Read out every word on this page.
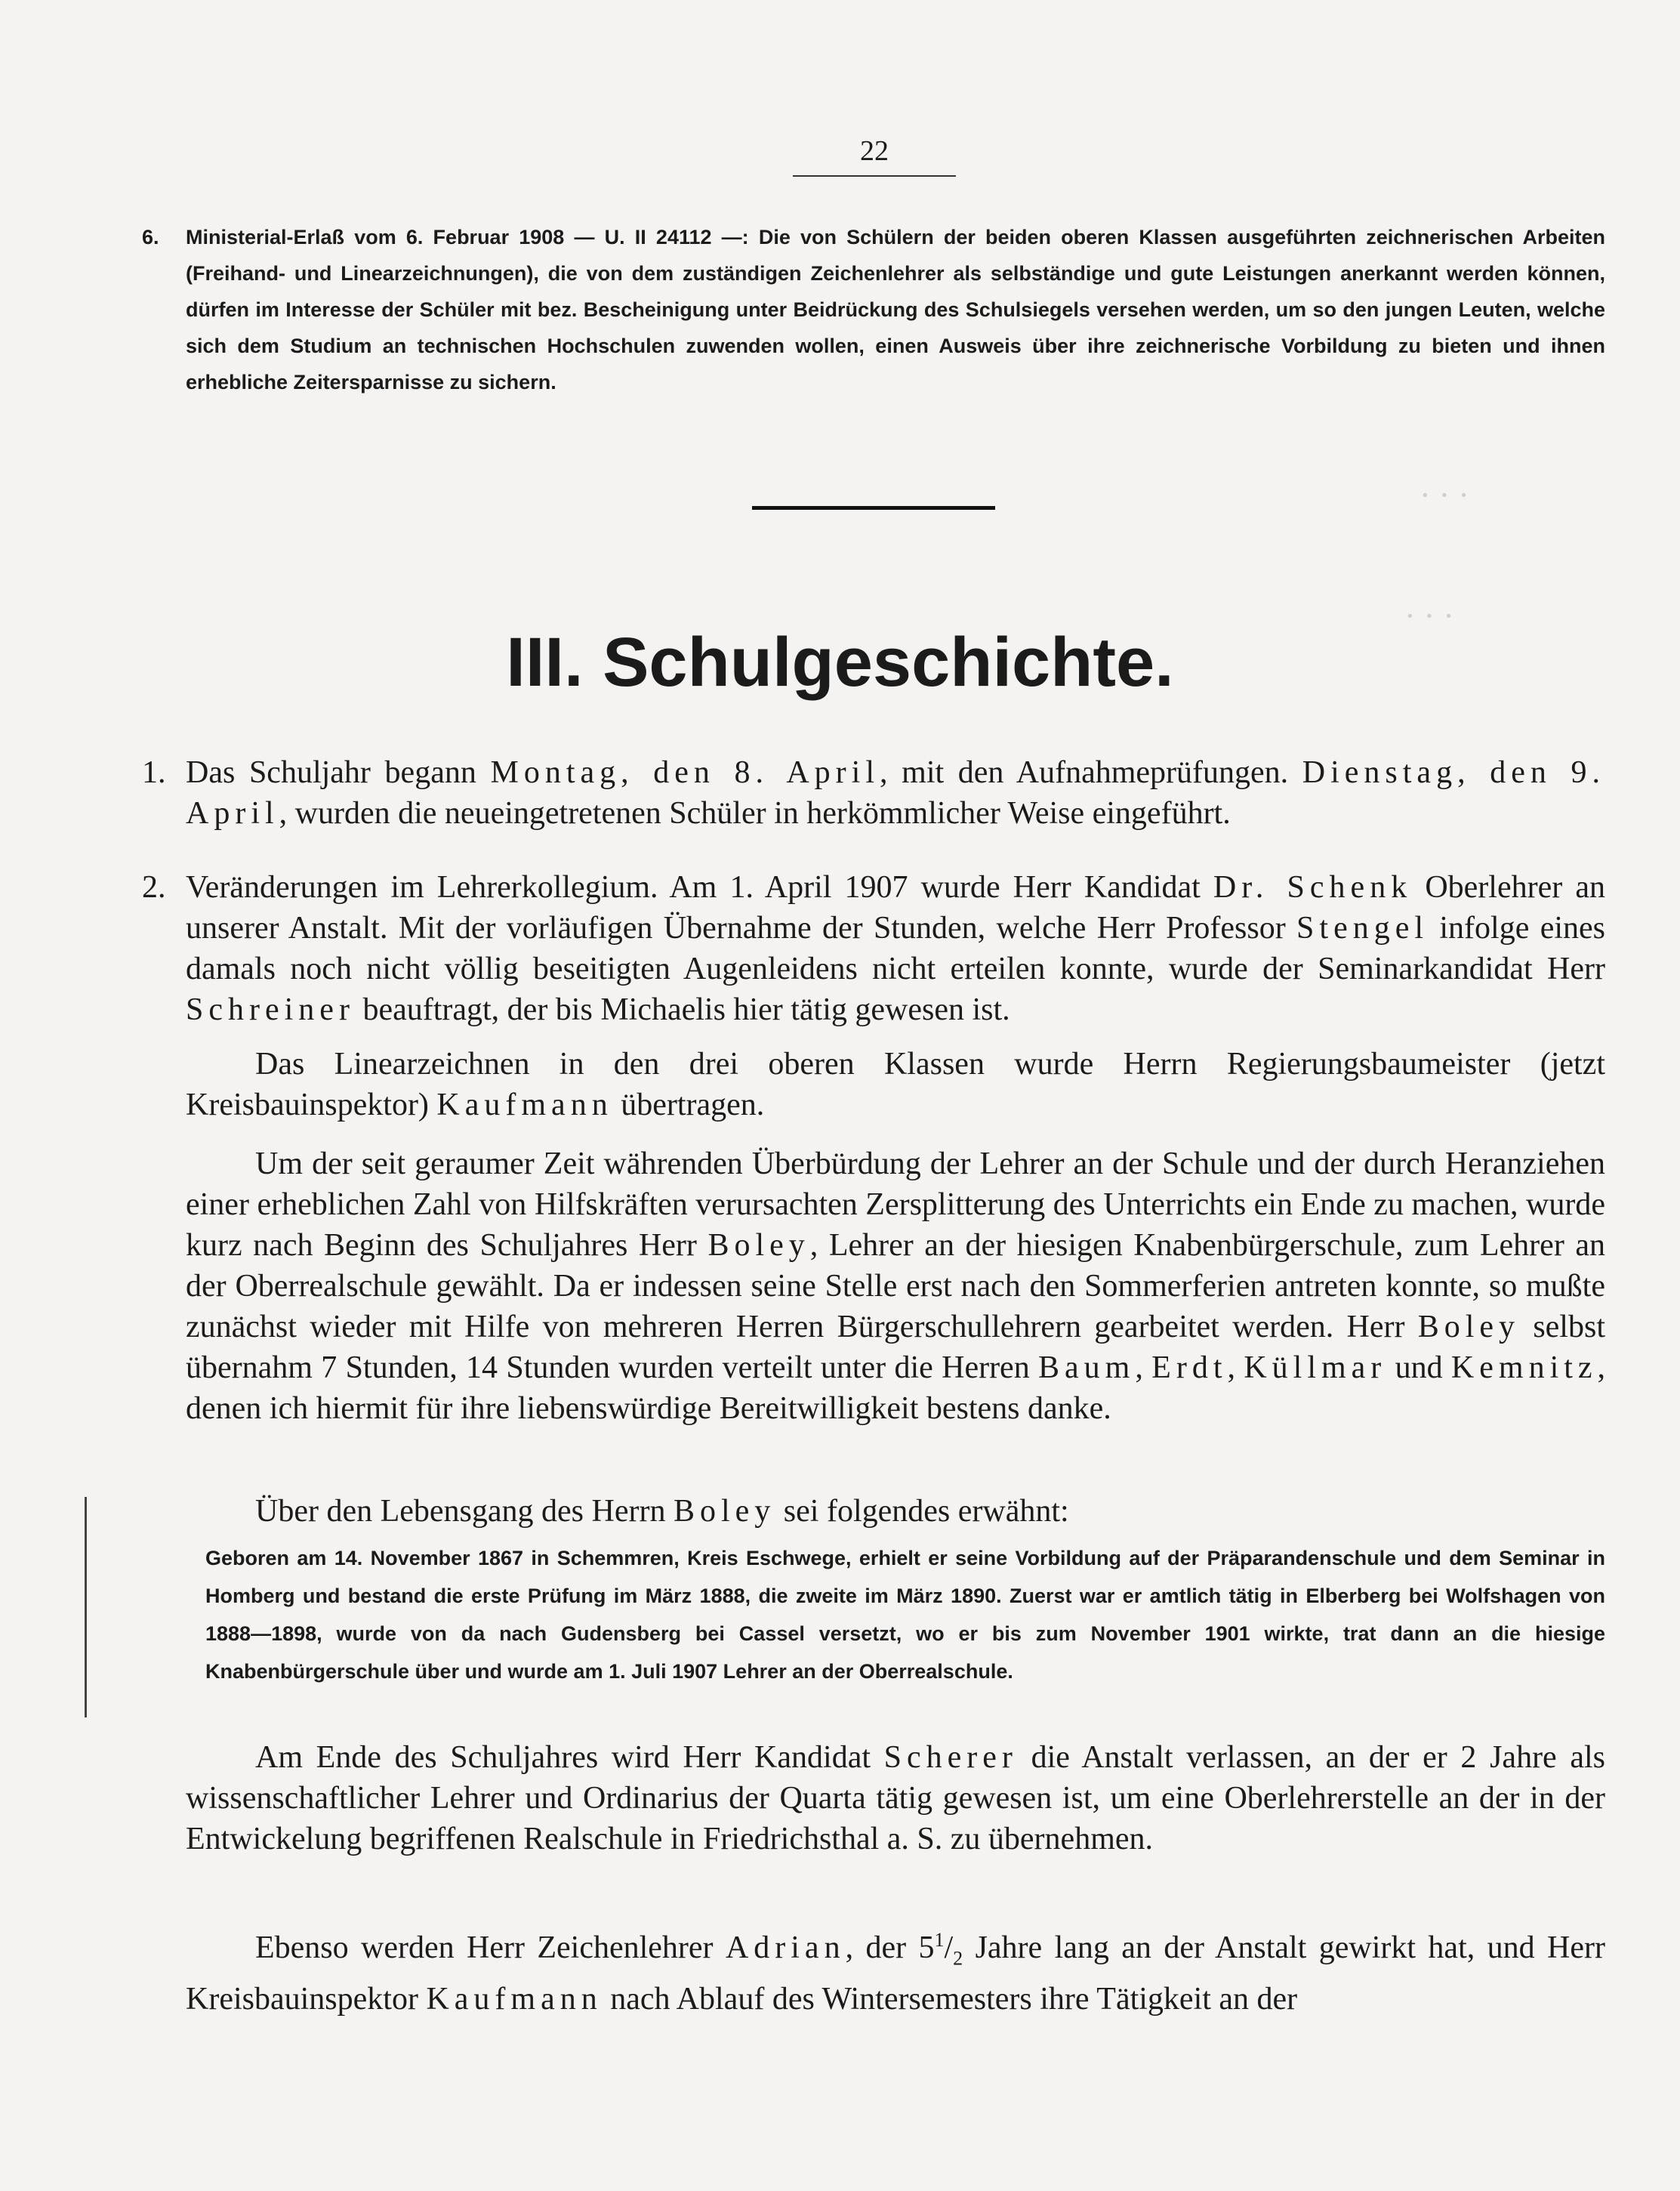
· · ·
· · ·
22
6. Ministerial-Erlaß vom 6. Februar 1908 — U. II 24112 —: Die von Schülern der beiden oberen Klassen ausgeführten zeichnerischen Arbeiten (Freihand- und Linearzeichnungen), die von dem zuständigen Zeichenlehrer als selbständige und gute Leistungen anerkannt werden können, dürfen im Interesse der Schüler mit bez. Bescheinigung unter Beidrückung des Schulsiegels versehen werden, um so den jungen Leuten, welche sich dem Studium an technischen Hochschulen zuwenden wollen, einen Ausweis über ihre zeichnerische Vorbildung zu bieten und ihnen erhebliche Zeitersparnisse zu sichern.
III. Schulgeschichte.
1. Das Schuljahr begann Montag, den 8. April, mit den Aufnahmeprüfungen. Dienstag, den 9. April, wurden die neueingetretenen Schüler in herkömmlicher Weise eingeführt.
2. Veränderungen im Lehrerkollegium. Am 1. April 1907 wurde Herr Kandidat Dr. Schenk Oberlehrer an unserer Anstalt. Mit der vorläufigen Übernahme der Stunden, welche Herr Professor Stengel infolge eines damals noch nicht völlig beseitigten Augenleidens nicht erteilen konnte, wurde der Seminarkandidat Herr Schreiner beauftragt, der bis Michaelis hier tätig gewesen ist.
Das Linearzeichnen in den drei oberen Klassen wurde Herrn Regierungsbaumeister (jetzt Kreisbauinspektor) Kaufmann übertragen.
Um der seit geraumer Zeit währenden Überbürdung der Lehrer an der Schule und der durch Heranziehen einer erheblichen Zahl von Hilfskräften verursachten Zersplitterung des Unterrichts ein Ende zu machen, wurde kurz nach Beginn des Schuljahres Herr Boley, Lehrer an der hiesigen Knabenbürgerschule, zum Lehrer an der Oberrealschule gewählt. Da er indessen seine Stelle erst nach den Sommerferien antreten konnte, so mußte zunächst wieder mit Hilfe von mehreren Herren Bürgerschullehrern gearbeitet werden. Herr Boley selbst übernahm 7 Stunden, 14 Stunden wurden verteilt unter die Herren Baum, Erdt, Küllmar und Kemnitz, denen ich hiermit für ihre liebenswürdige Bereitwilligkeit bestens danke.
Über den Lebensgang des Herrn Boley sei folgendes erwähnt:
Geboren am 14. November 1867 in Schemmren, Kreis Eschwege, erhielt er seine Vorbildung auf der Präparandenschule und dem Seminar in Homberg und bestand die erste Prüfung im März 1888, die zweite im März 1890. Zuerst war er amtlich tätig in Elberberg bei Wolfshagen von 1888—1898, wurde von da nach Gudensberg bei Cassel versetzt, wo er bis zum November 1901 wirkte, trat dann an die hiesige Knabenbürgerschule über und wurde am 1. Juli 1907 Lehrer an der Oberrealschule.
Am Ende des Schuljahres wird Herr Kandidat Scherer die Anstalt verlassen, an der er 2 Jahre als wissenschaftlicher Lehrer und Ordinarius der Quarta tätig gewesen ist, um eine Oberlehrerstelle an der in der Entwickelung begriffenen Realschule in Friedrichsthal a. S. zu übernehmen.
Ebenso werden Herr Zeichenlehrer Adrian, der $5^1/_2$ Jahre lang an der Anstalt gewirkt hat, und Herr Kreisbauinspektor Kaufmann nach Ablauf des Wintersemesters ihre Tätigkeit an der
